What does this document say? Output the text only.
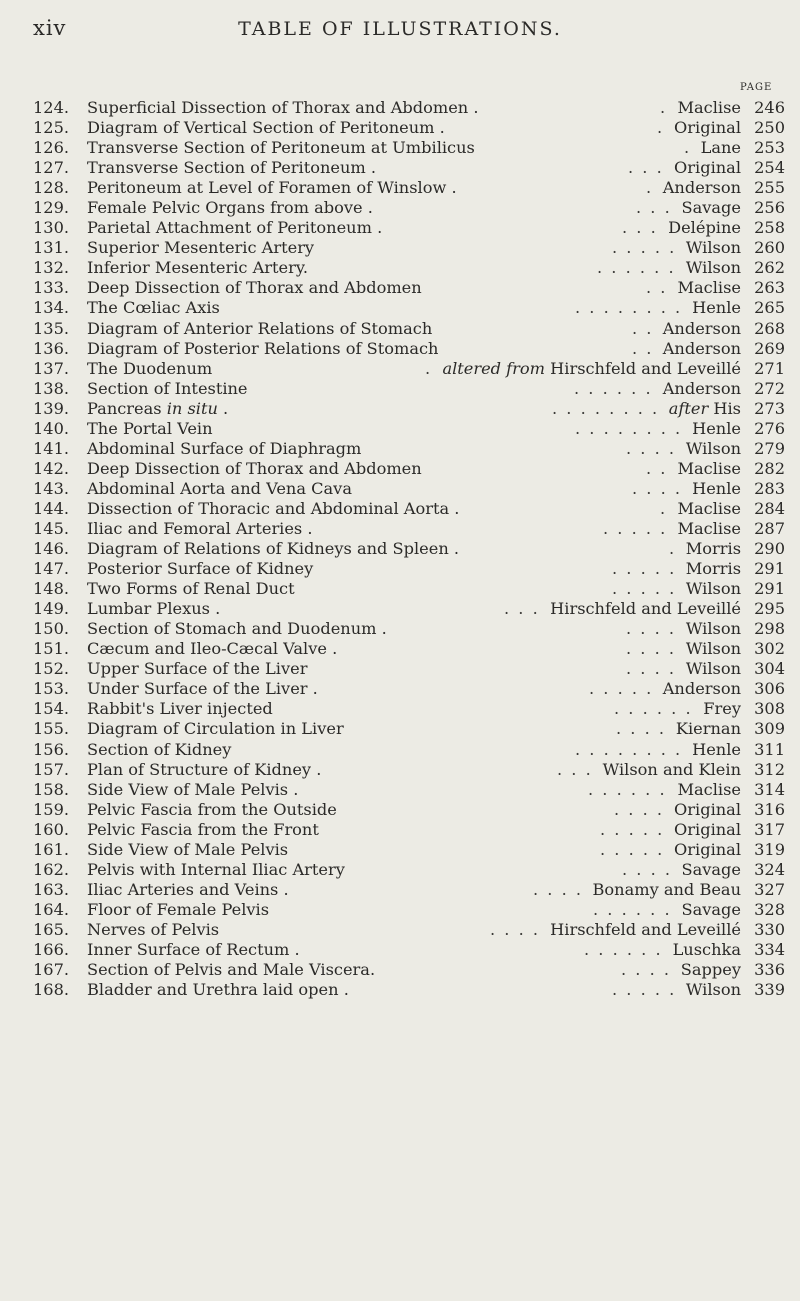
xiv	TABLE OF ILLUSTRATIONS.
PAGE
124.	Superficial Dissection of Thorax and Abdomen .	Maclise 246
.
125.	Diagram of Vertical Section of Peritoneum .	Original 250
.
126.	Transverse Section of Peritoneum at Umbilicus	Lane 253
.
127.	Transverse Section of Peritoneum .	Original 254
. . .
128.	Peritoneum at Level of Foramen of Winslow .	Anderson 255
.
129.	Female Pelvic Organs from above .	Savage 256
. . .
130.	Parietal Attachment of Peritoneum .	Delépine 258
. . .
131.	Superior Mesenteric Artery	Wilson 260
. . . . .
132.	Inferior Mesenteric Artery.	Wilson 262
. . . . . .
133.	Deep Dissection of Thorax and Abdomen	Maclise 263
. .
134.	The Cœliac Axis	Henle 265
. . . . . . . .
135.	Diagram of Anterior Relations of Stomach	Anderson 268
. .
136.	Diagram of Posterior Relations of Stomach	Anderson 269
. .
137.	The Duodenum	altered from Hirschfeld and Leveillé 271
.
138.	Section of Intestine	Anderson 272
. . . . . .
139.	Pancreas in situ .	after His 273
. . . . . . . .
140.	The Portal Vein	Henle 276
. . . . . . . .
141.	Abdominal Surface of Diaphragm	Wilson 279
. . . .
142.	Deep Dissection of Thorax and Abdomen	Maclise 282
. .
143.	Abdominal Aorta and Vena Cava	Henle 283
. . . .
144.	Dissection of Thoracic and Abdominal Aorta .	Maclise 284
.
145.	Iliac and Femoral Arteries .	Maclise 287
. . . . .
146.	Diagram of Relations of Kidneys and Spleen .	Morris 290
.
147.	Posterior Surface of Kidney	Morris 291
. . . . .
148.	Two Forms of Renal Duct	Wilson 291
. . . . .
149.	Lumbar Plexus .	Hirschfeld and Leveillé 295
. . .
150.	Section of Stomach and Duodenum .	Wilson 298
. . . .
151.	Cæcum and Ileo-Cæcal Valve .	Wilson 302
. . . .
152.	Upper Surface of the Liver	Wilson 304
. . . .
153.	Under Surface of the Liver .	Anderson 306
. . . . .
154.	Rabbit's Liver injected	Frey 308
. . . . . .
155.	Diagram of Circulation in Liver	Kiernan 309
. . . .
156.	Section of Kidney	Henle 311
. . . . . . . .
157.	Plan of Structure of Kidney .	Wilson and Klein 312
. . .
158.	Side View of Male Pelvis .	Maclise 314
. . . . . .
159.	Pelvic Fascia from the Outside	Original 316
. . . .
160.	Pelvic Fascia from the Front	Original 317
. . . . .
161.	Side View of Male Pelvis	Original 319
. . . . .
162.	Pelvis with Internal Iliac Artery	Savage 324
. . . .
163.	Iliac Arteries and Veins .	Bonamy and Beau 327
. . . .
164.	Floor of Female Pelvis	Savage 328
. . . . . .
165.	Nerves of Pelvis	Hirschfeld and Leveillé 330
. . . .
166.	Inner Surface of Rectum .	Luschka 334
. . . . . .
167.	Section of Pelvis and Male Viscera.	Sappey 336
. . . .
168.	Bladder and Urethra laid open .	Wilson 339
. . . . .
